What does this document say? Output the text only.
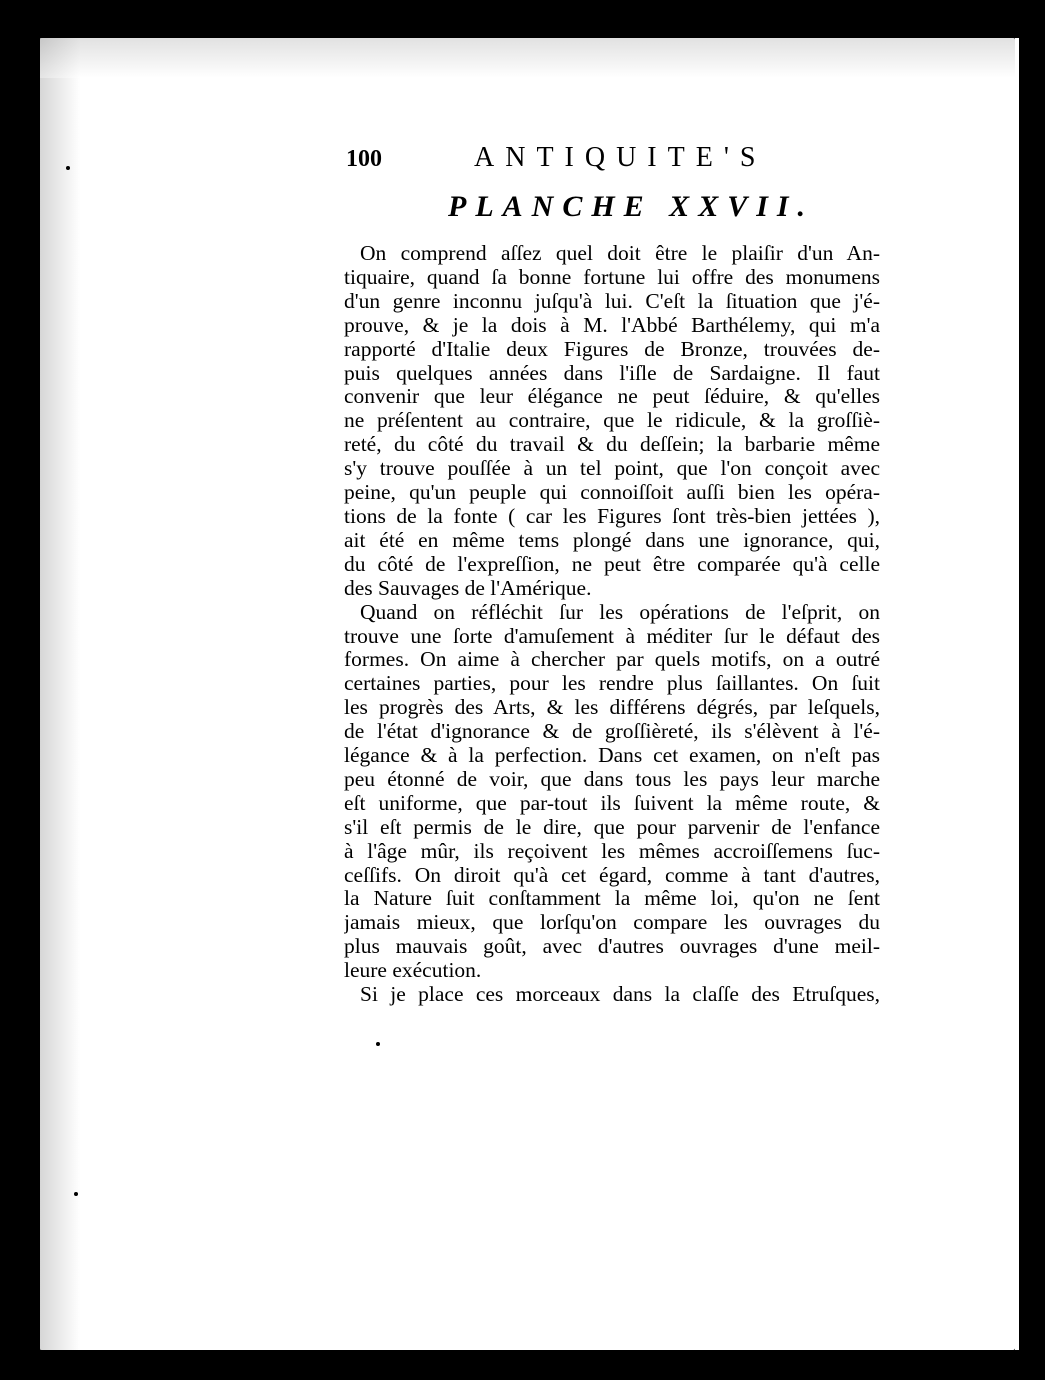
100	ANTIQUITE'S
PLANCHE XXVII.
On comprend aſſez quel doit être le plaiſir d'un An-
tiquaire, quand ſa bonne fortune lui offre des monumens
d'un genre inconnu juſqu'à lui. C'eſt la ſituation que j'é-
prouve, & je la dois à M. l'Abbé Barthélemy, qui m'a
rapporté d'Italie deux Figures de Bronze, trouvées de-
puis quelques années dans l'iſle de Sardaigne. Il faut
convenir que leur élégance ne peut ſéduire, & qu'elles
ne préſentent au contraire, que le ridicule, & la groſſiè-
reté, du côté du travail & du deſſein; la barbarie même
s'y trouve pouſſée à un tel point, que l'on conçoit avec
peine, qu'un peuple qui connoiſſoit auſſi bien les opéra-
tions de la fonte ( car les Figures ſont très-bien jettées ),
ait été en même tems plongé dans une ignorance, qui,
du côté de l'expreſſion, ne peut être comparée qu'à celle
des Sauvages de l'Amérique.
Quand on réfléchit ſur les opérations de l'eſprit, on
trouve une ſorte d'amuſement à méditer ſur le défaut des
formes. On aime à chercher par quels motifs, on a outré
certaines parties, pour les rendre plus ſaillantes. On ſuit
les progrès des Arts, & les différens dégrés, par leſquels,
de l'état d'ignorance & de groſſièreté, ils s'élèvent à l'é-
légance & à la perfection. Dans cet examen, on n'eſt pas
peu étonné de voir, que dans tous les pays leur marche
eſt uniforme, que par-tout ils ſuivent la même route, &
s'il eſt permis de le dire, que pour parvenir de l'enfance
à l'âge mûr, ils reçoivent les mêmes accroiſſemens ſuc-
ceſſifs. On diroit qu'à cet égard, comme à tant d'autres,
la Nature ſuit conſtamment la même loi, qu'on ne ſent
jamais mieux, que lorſqu'on compare les ouvrages du
plus mauvais goût, avec d'autres ouvrages d'une meil-
leure exécution.
Si je place ces morceaux dans la claſſe des Etruſques,
